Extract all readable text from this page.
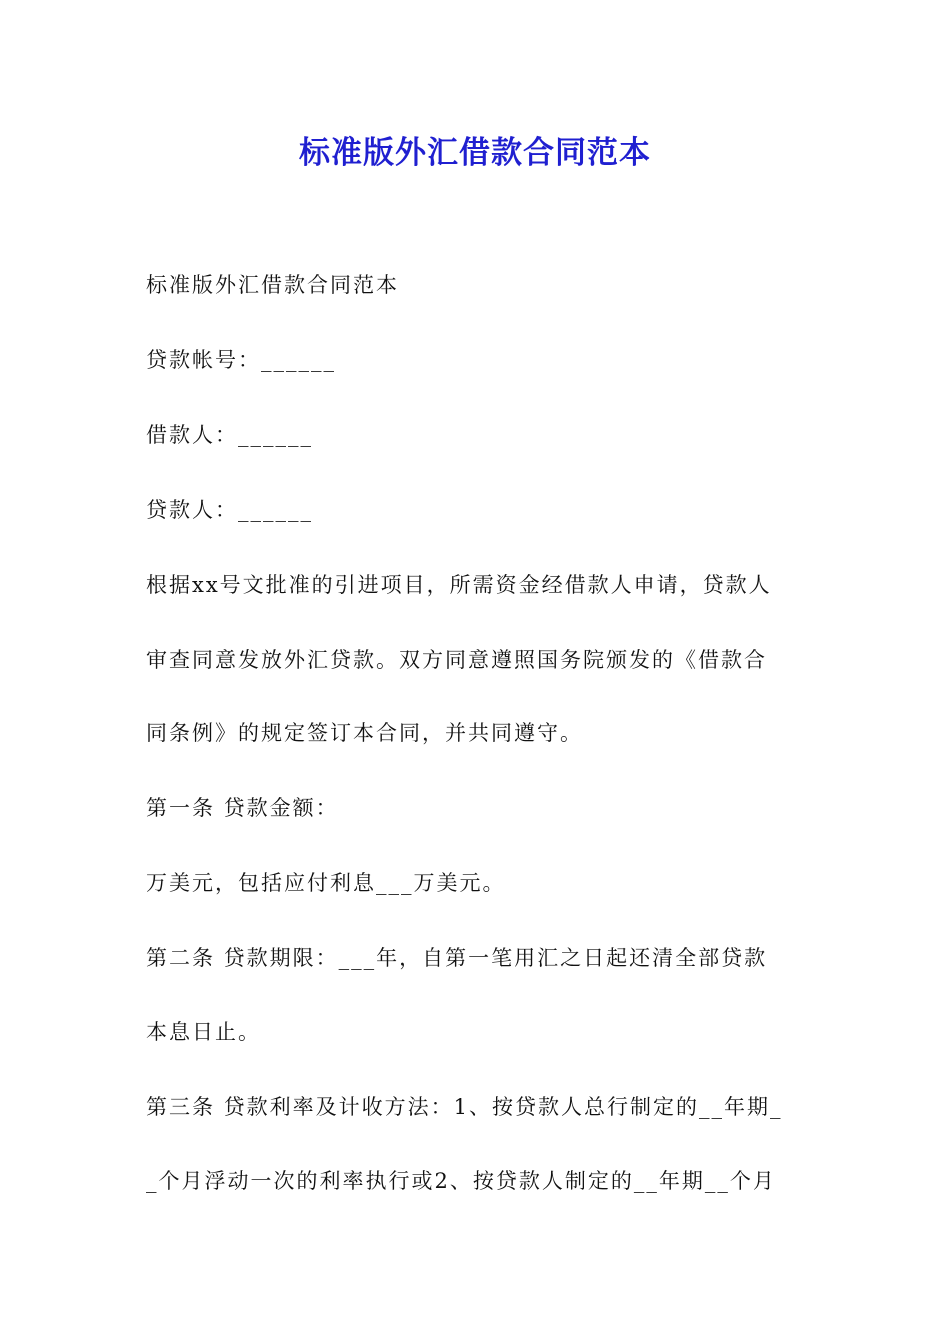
标准版外汇借款合同范本

标准版外汇借款合同范本

贷款帐号：______

借款人：______

贷款人：______

根据xx号文批准的引进项目，所需资金经借款人申请，贷款人

审查同意发放外汇贷款。双方同意遵照国务院颁发的《借款合

同条例》的规定签订本合同，并共同遵守。

第一条 贷款金额：

万美元，包括应付利息___万美元。

第二条 贷款期限：___年，自第一笔用汇之日起还清全部贷款

本息日止。

第三条 贷款利率及计收方法：1、按贷款人总行制定的__年期_

_个月浮动一次的利率执行或2、按贷款人制定的__年期__个月
